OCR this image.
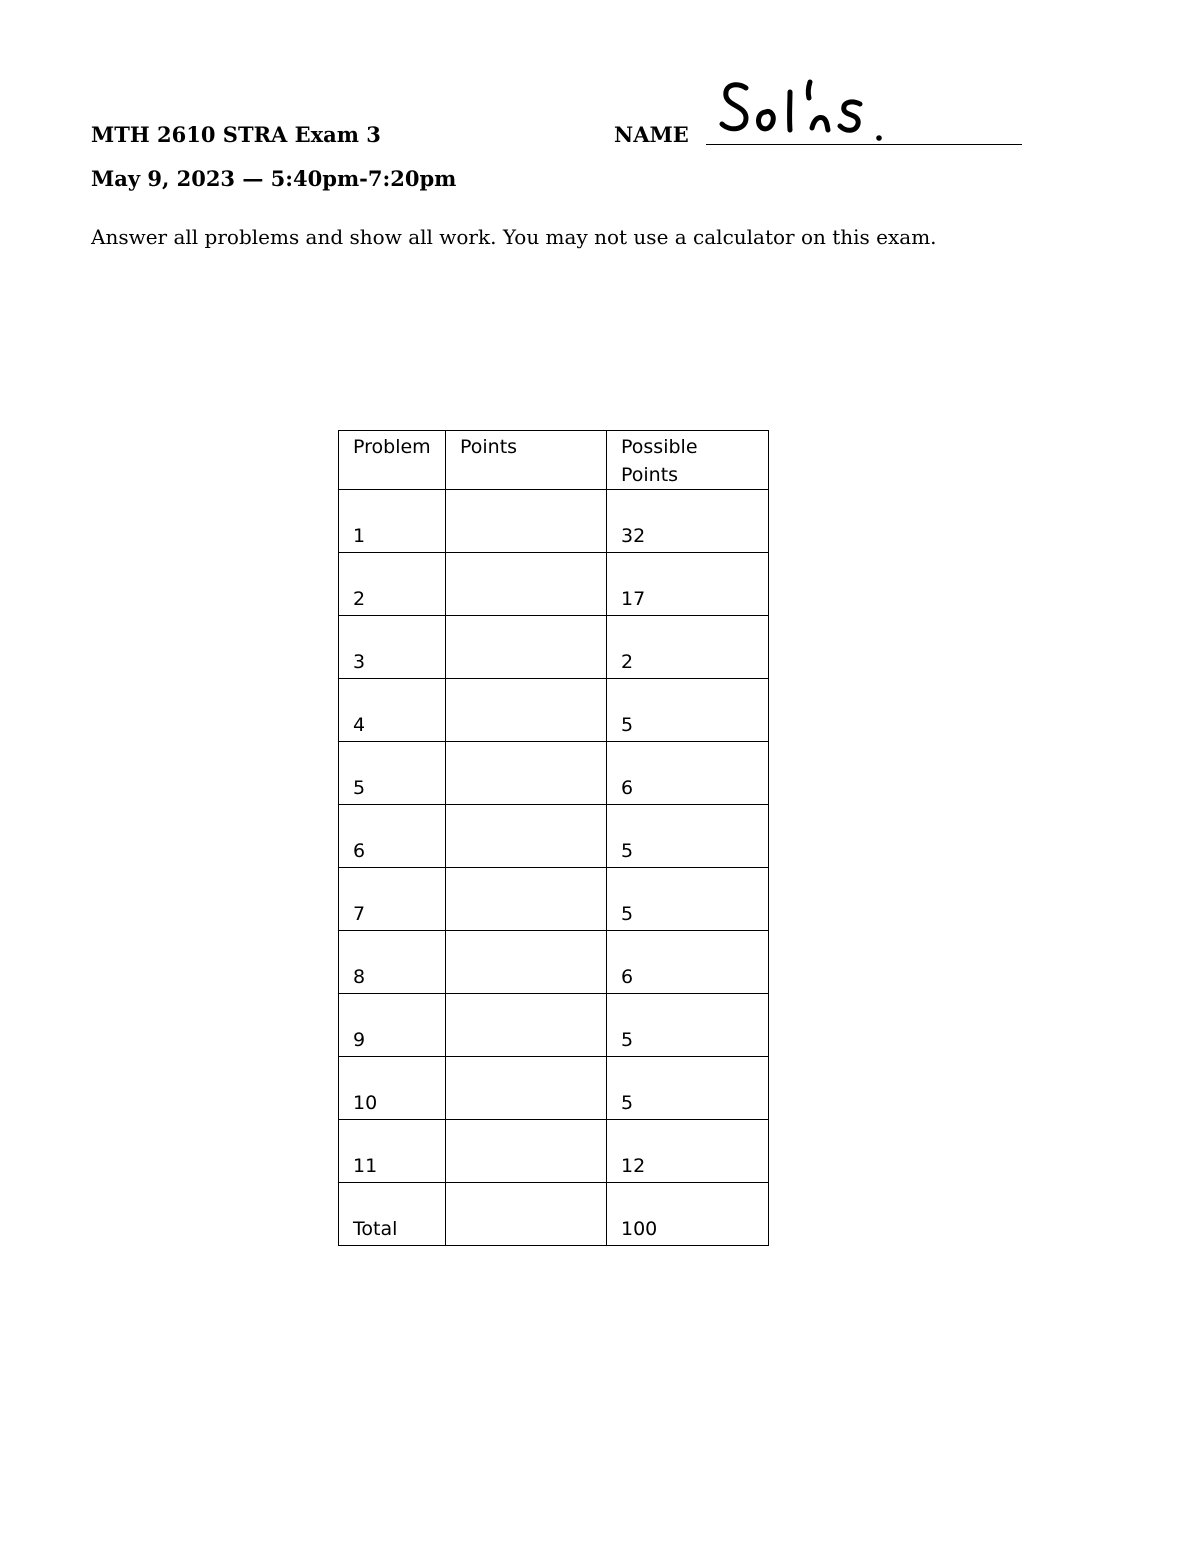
MTH 2610 STRA Exam 3	NAME
May 9, 2023 — 5:40pm-7:20pm
Answer all problems and show all work. You may not use a calculator on this exam.
Problem	Points	Possible
Points

1		32

2		17

3		2

4		5

5		6

6		5

7		5

8		6

9		5

10		5

11		12

Total		100
